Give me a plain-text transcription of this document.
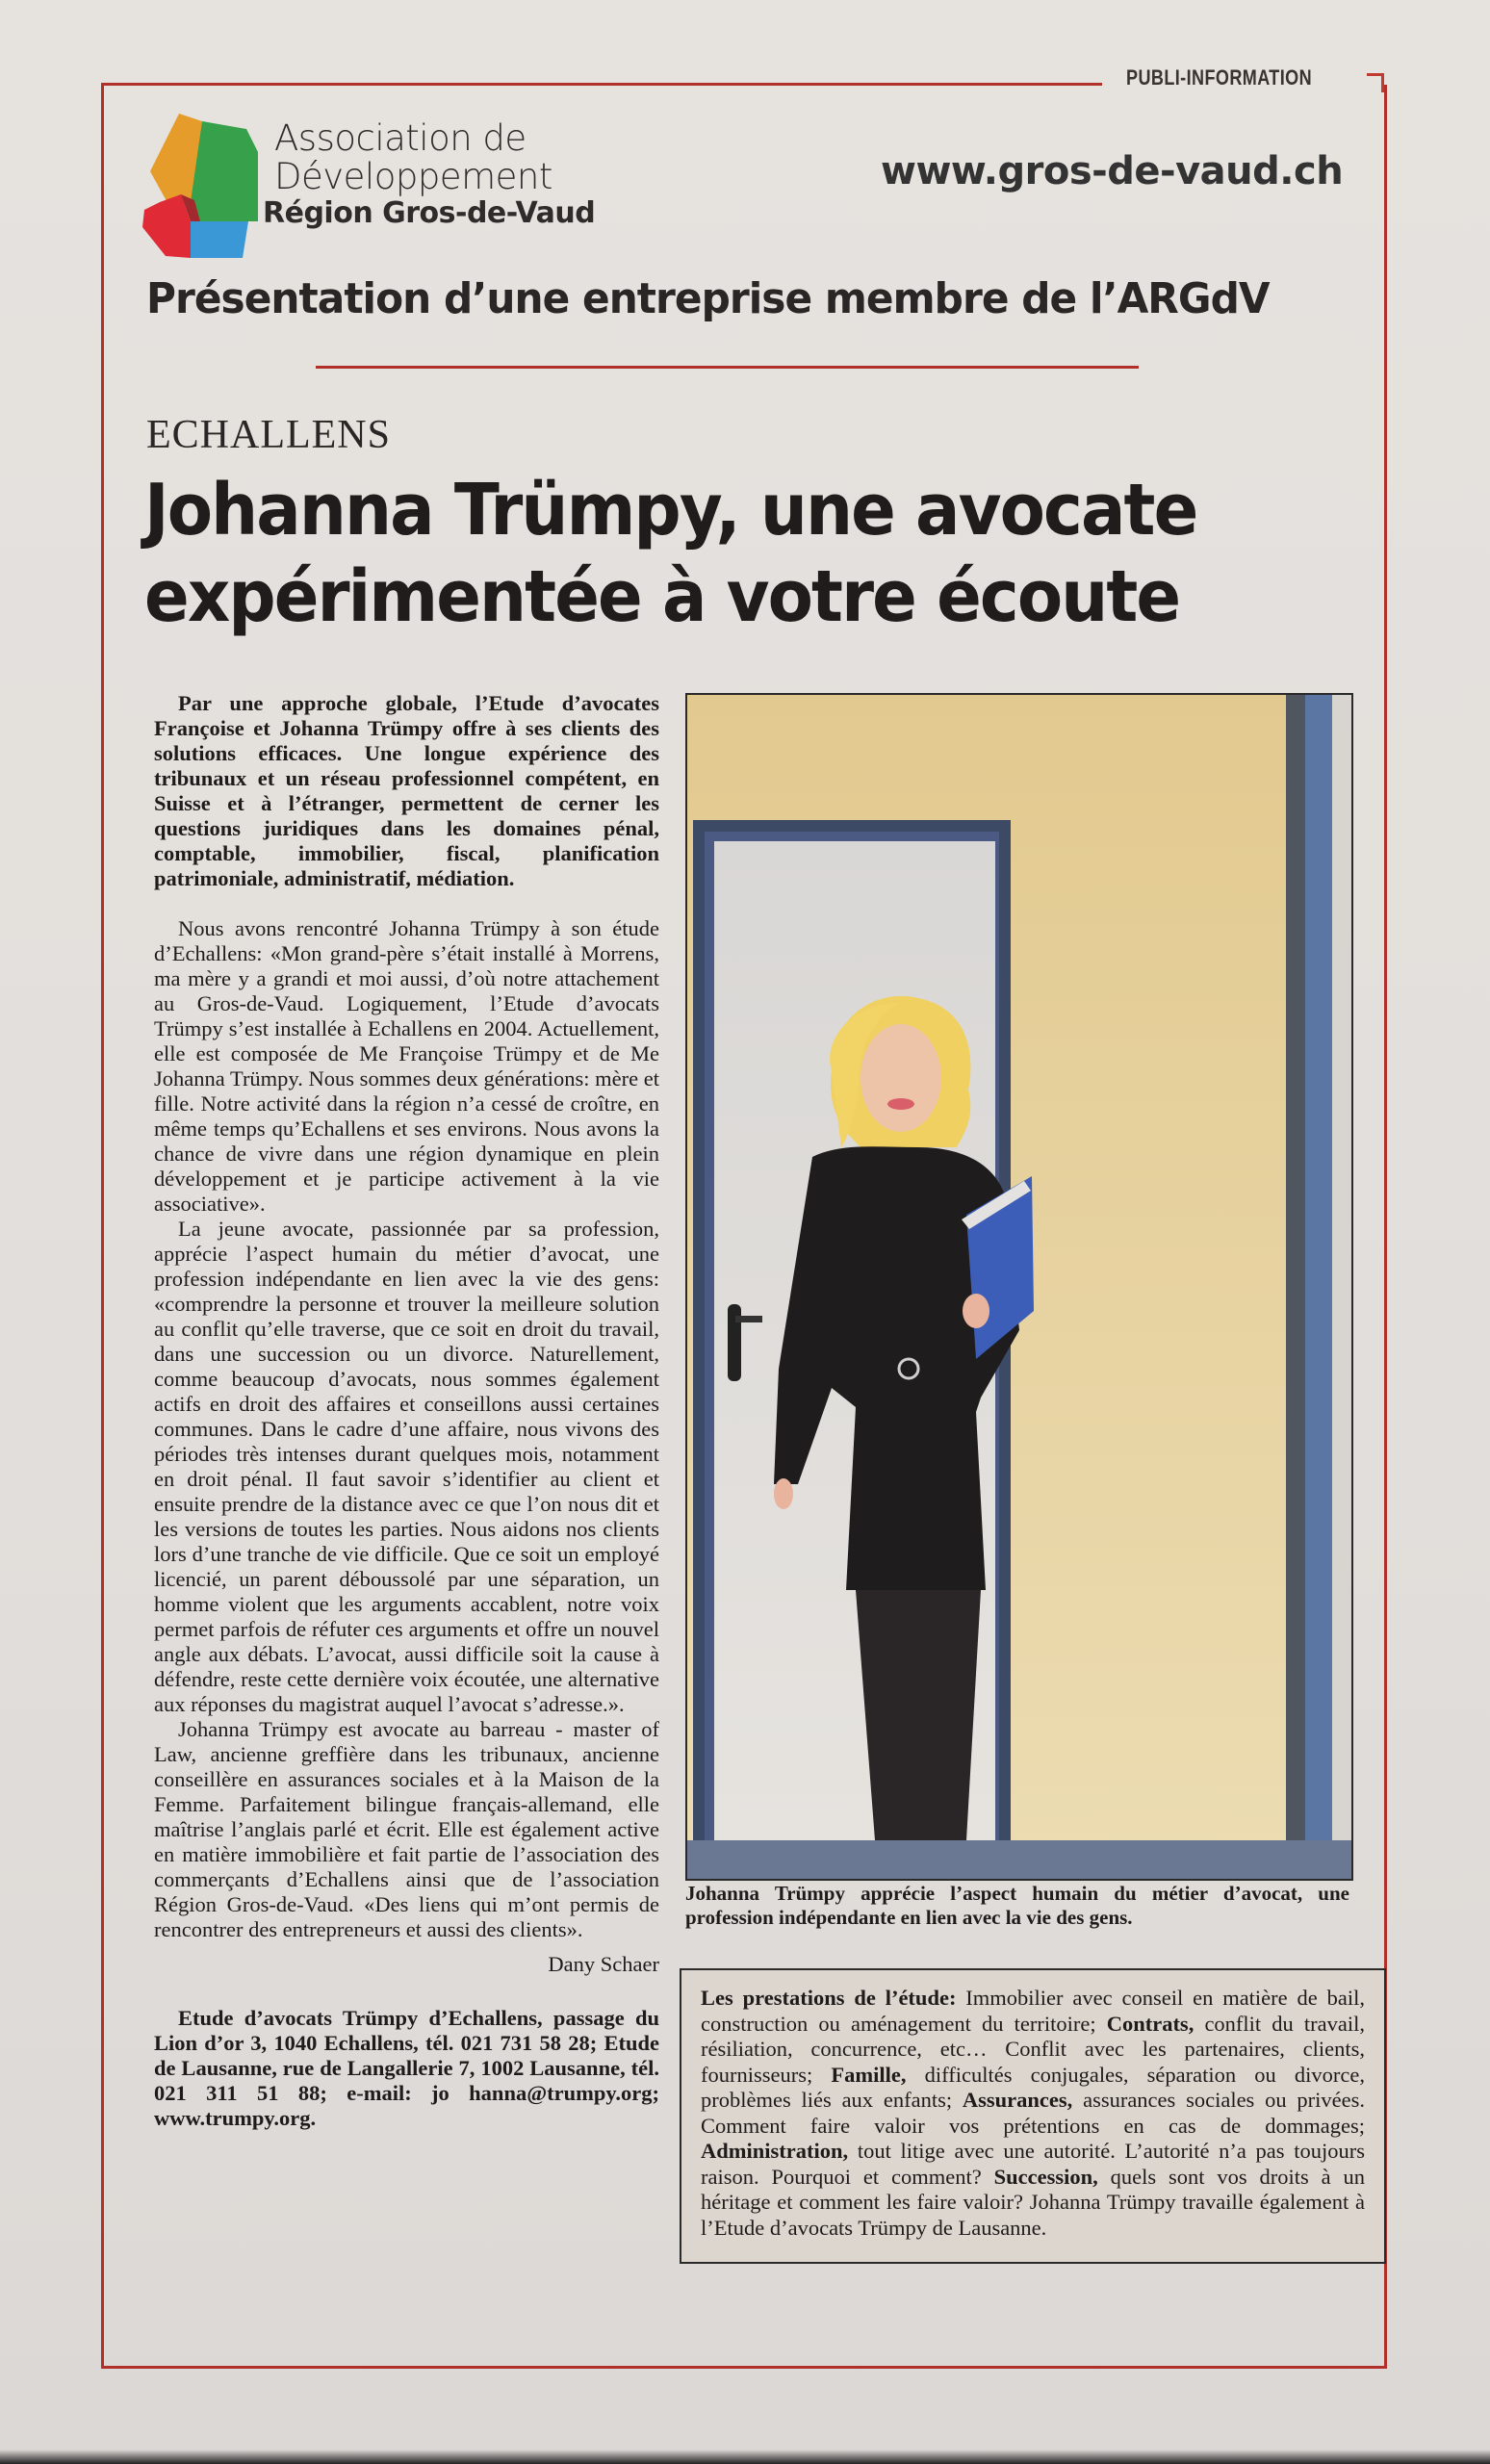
PUBLI-INFORMATION
Association de
Développement
Région Gros-de-Vaud
www.gros-de-vaud.ch
Présentation d’une entreprise membre de l’ARGdV
ECHALLENS
Johanna Trümpy, une avocate
expérimentée à votre écoute

Par une approche globale, l’Etude d’avocates Françoise et Johanna Trümpy offre à ses clients des solutions efficaces. Une longue expérience des tribunaux et un réseau professionnel compétent, en Suisse et à l’étranger, permettent de cerner les questions juridiques dans les domaines pénal, comptable, immobilier, fiscal, planification patrimoniale, administratif, médiation.

Nous avons rencontré Johanna Trümpy à son étude d’Echallens: «Mon grand-père s’était installé à Morrens, ma mère y a grandi et moi aussi, d’où notre attachement au Gros-de-Vaud. Logiquement, l’Etude d’avocats Trümpy s’est installée à Echallens en 2004. Actuellement, elle est composée de Me Françoise Trümpy et de Me Johanna Trümpy. Nous sommes deux générations: mère et fille. Notre activité dans la région n’a cessé de croître, en même temps qu’Echallens et ses environs. Nous avons la chance de vivre dans une région dynamique en plein développement et je participe activement à la vie associative».

La jeune avocate, passionnée par sa profession, apprécie l’aspect humain du métier d’avocat, une profession indépendante en lien avec la vie des gens: «comprendre la personne et trouver la meilleure solution au conflit qu’elle traverse, que ce soit en droit du travail, dans une succession ou un divorce. Naturellement, comme beaucoup d’avocats, nous sommes également actifs en droit des affaires et conseillons aussi certaines communes. Dans le cadre d’une affaire, nous vivons des périodes très intenses durant quelques mois, notamment en droit pénal. Il faut savoir s’identifier au client et ensuite prendre de la distance avec ce que l’on nous dit et les versions de toutes les parties. Nous aidons nos clients lors d’une tranche de vie difficile. Que ce soit un employé licencié, un parent déboussolé par une séparation, un homme violent que les arguments accablent, notre voix permet parfois de réfuter ces arguments et offre un nouvel angle aux débats. L’avocat, aussi difficile soit la cause à défendre, reste cette dernière voix écoutée, une alternative aux réponses du magistrat auquel l’avocat s’adresse.».

Johanna Trümpy est avocate au barreau - master of Law, ancienne greffière dans les tribunaux, ancienne conseillère en assurances sociales et à la Maison de la Femme. Parfaitement bilingue français-allemand, elle maîtrise l’anglais parlé et écrit. Elle est également active en matière immobilière et fait partie de l’association des commerçants d’Echallens ainsi que de l’association Région Gros-de-Vaud. «Des liens qui m’ont permis de rencontrer des entrepreneurs et aussi des clients».

Dany Schaer

Etude d’avocats Trümpy d’Echallens, passage du Lion d’or 3, 1040 Echallens, tél. 021 731 58 28; Etude de Lausanne, rue de Langallerie 7, 1002 Lausanne, tél. 021 311 51 88; e-mail: jo hanna@trumpy.org; www.trumpy.org.

Johanna Trümpy apprécie l’aspect humain du métier d’avocat, une profession indépendante en lien avec la vie des gens.
Les prestations de l’étude: Immobilier avec conseil en matière de bail, construction ou aménagement du territoire; Contrats, conflit du travail, résiliation, concurrence, etc… Conflit avec les partenaires, clients, fournisseurs; Famille, difficultés conjugales, séparation ou divorce, problèmes liés aux enfants; Assurances, assurances sociales ou privées. Comment faire valoir vos prétentions en cas de dommages; Administration, tout litige avec une autorité. L’autorité n’a pas toujours raison. Pourquoi et comment? Succession, quels sont vos droits à un héritage et comment les faire valoir? Johanna Trümpy travaille également à l’Etude d’avocats Trümpy de Lausanne.
